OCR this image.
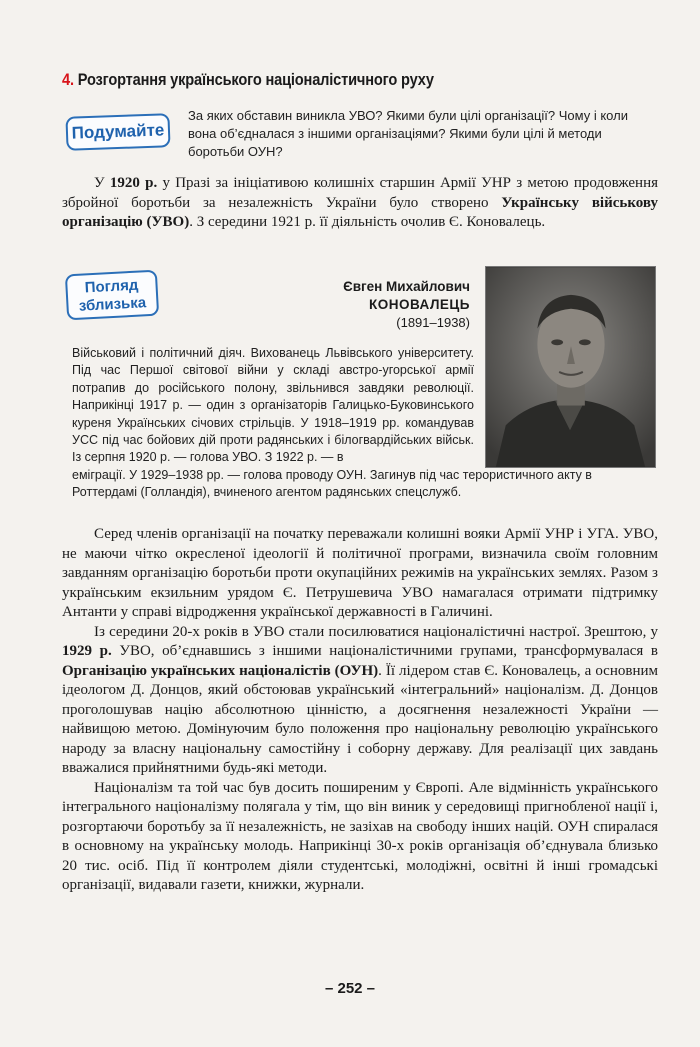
4. Розгортання українського націоналістичного руху
Подумайте
За яких обставин виникла УВО? Якими були цілі організації? Чому і коли вона об’єдналася з іншими організаціями? Якими були цілі й методи боротьби ОУН?

У 1920 р. у Празі за ініціативою колишніх старшин Армії УНР з метою продовження збройної боротьби за незалежність України було створено Українську військову організацію (УВО). З середини 1921 р. її діяльність очолив Є. Коновалець.

Погляд
зблизька
Євген Михайлович
КОНОВАЛЕЦЬ
(1891–1938)
Військовий і політичний діяч. Вихованець Львівського університету. Під час Першої світової війни у складі австро-угорської армії потрапив до російського полону, звільнився завдяки революції. Наприкінці 1917 р. — один з організаторів Галицько-Буковинського куреня Українських січових стрільців. У 1918–1919 рр. командував УСС під час бойових дій проти радянських і білогвардійських військ. Із серпня 1920 р. — голова УВО. З 1922 р. — в
еміграції. У 1929–1938 рр. — голова проводу ОУН. Загинув під час терористичного акту в Роттердамі (Голландія), вчиненого агентом радянських спецслужб.

Серед членів організації на початку переважали колишні вояки Армії УНР і УГА. УВО, не маючи чітко окресленої ідеології й політичної програми, визначила своїм головним завданням організацію боротьби проти окупаційних режимів на українських землях. Разом з українським екзильним урядом Є. Петрушевича УВО намагалася отримати підтримку Антанти у справі відродження української державності в Галичині.

Із середини 20-х років в УВО стали посилюватися націоналістичні настрої. Зрештою, у 1929 р. УВО, об’єднавшись з іншими націоналістичними групами, трансформувалася в Організацію українських націоналістів (ОУН). Її лідером став Є. Коновалець, а основним ідеологом Д. Донцов, який обстоював український «інтегральний» націоналізм. Д. Донцов проголошував націю абсолютною цінністю, а досягнення незалежності України — найвищою метою. Домінуючим було положення про національну революцію українського народу за власну національну самостійну і соборну державу. Для реалізації цих завдань вважалися прийнятними будь-які методи.

Націоналізм та той час був досить поширеним у Європі. Але відмінність українського інтегрального націоналізму полягала у тім, що він виник у середовищі пригнобленої нації і, розгортаючи боротьбу за її незалежність, не зазіхав на свободу інших націй. ОУН спиралася в основному на українську молодь. Наприкінці 30-х років організація об’єднувала близько 20 тис. осіб. Під її контролем діяли студентські, молодіжні, освітні й інші громадські організації, видавали газети, книжки, журнали.

– 252 –
